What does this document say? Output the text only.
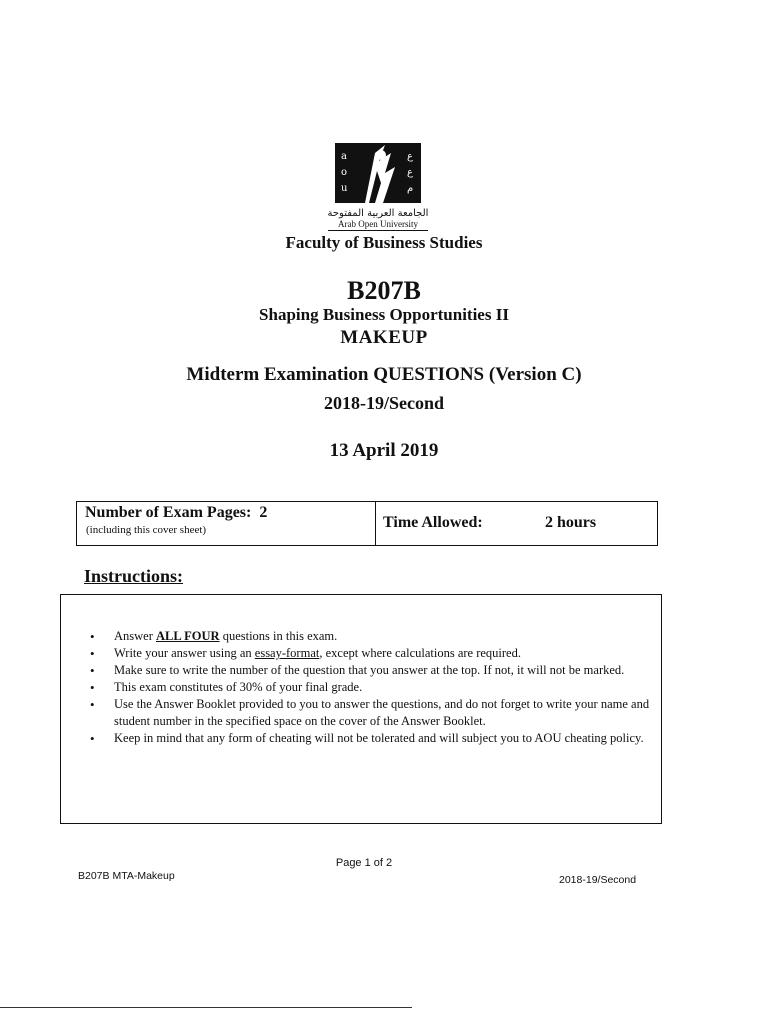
a
o
u
ع
ع
م
الجامعة العربية المفتوحة
Arab Open University
Faculty of Business Studies
B207B
Shaping Business Opportunities II
MAKEUP
Midterm Examination QUESTIONS (Version C)
2018-19/Second
13 April 2019
Number of Exam Pages:  2
(including this cover sheet)	Time Allowed:	2 hours
Instructions:
• Answer ALL FOUR questions in this exam.
• Write your answer using an essay-format, except where calculations are required.
• Make sure to write the number of the question that you answer at the top. If not, it will not be marked.
• This exam constitutes of 30% of your final grade.
• Use the Answer Booklet provided to you to answer the questions, and do not forget to write your name and student number in the specified space on the cover of the Answer Booklet.
• Keep in mind that any form of cheating will not be tolerated and will subject you to AOU cheating policy.
Page 1 of 2
B207B MTA-Makeup	2018-19/Second
